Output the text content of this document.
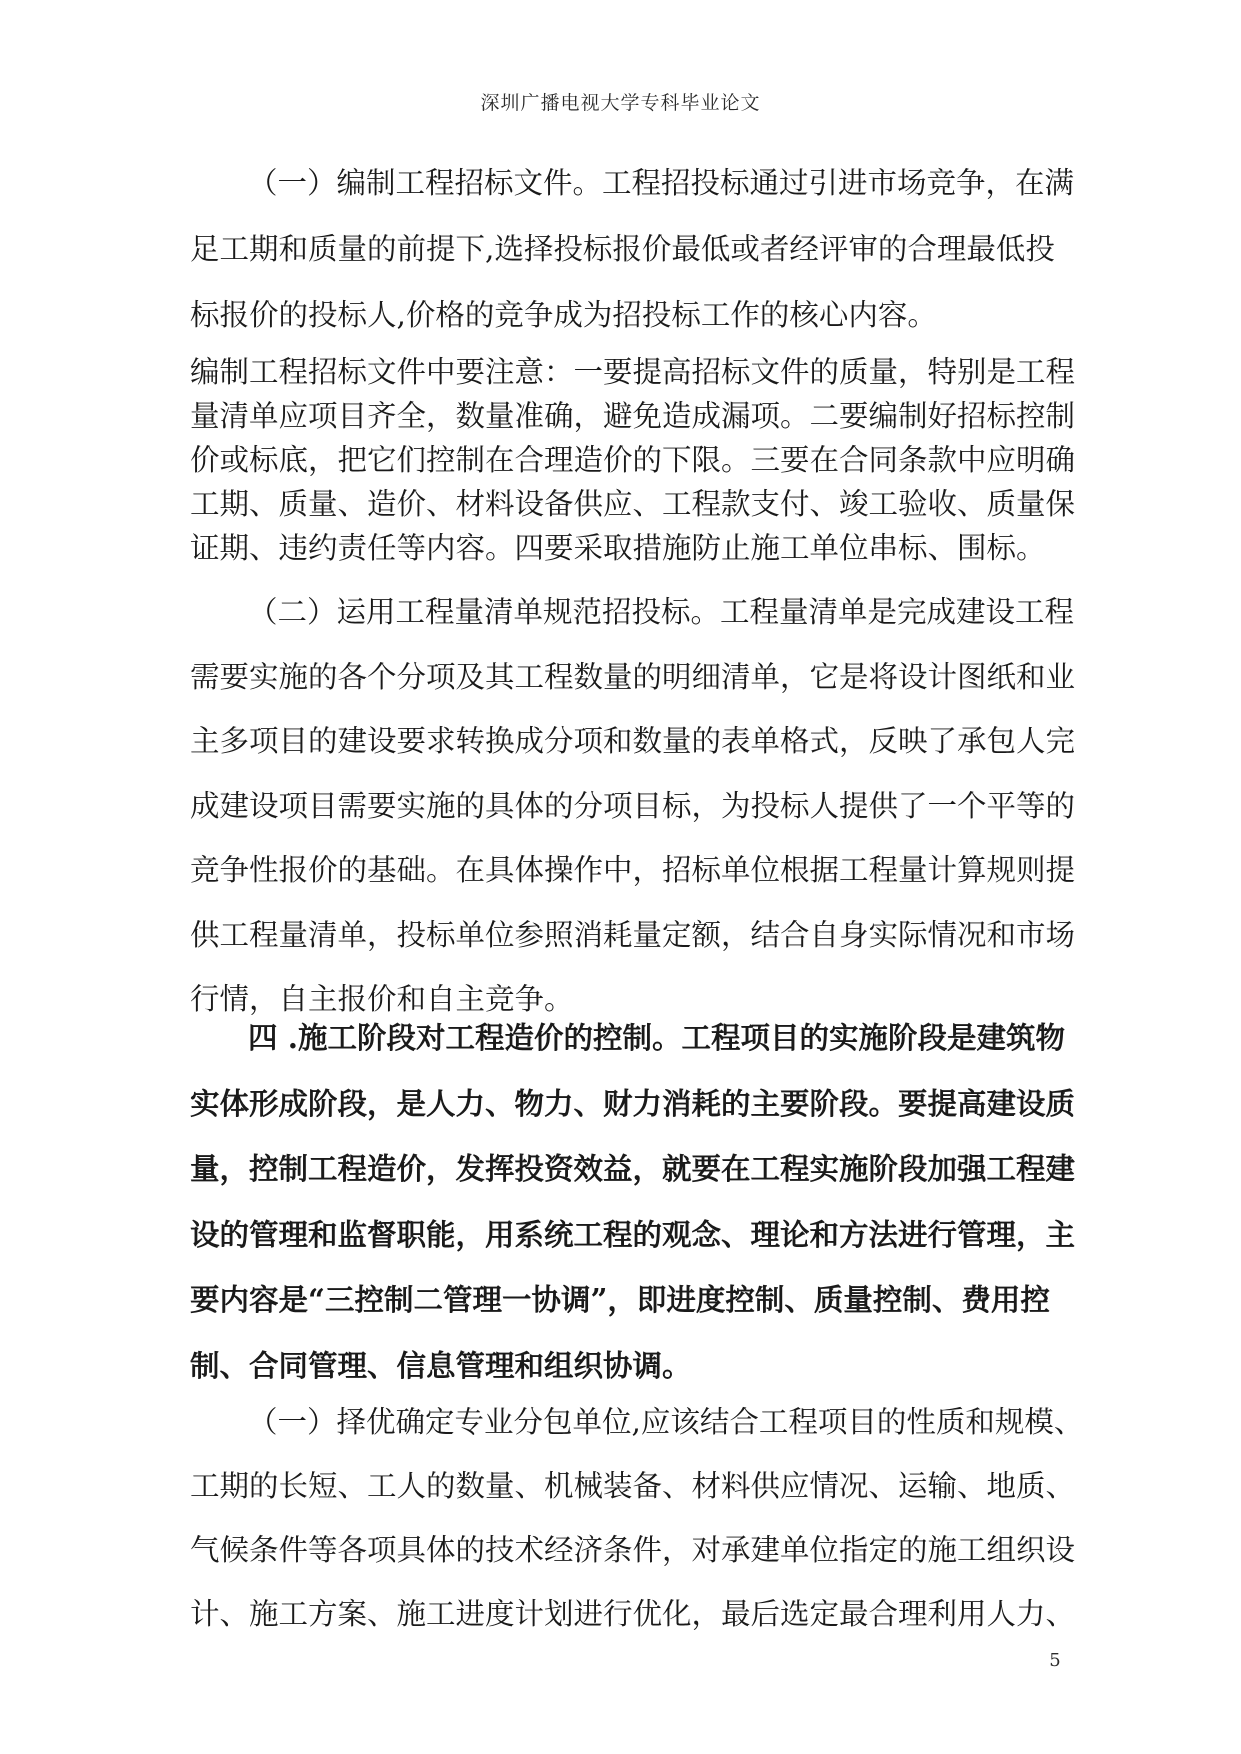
深圳广播电视大学专科毕业论文
（一）编制工程招标文件。工程招投标通过引进市场竞争，在满
足工期和质量的前提下,选择投标报价最低或者经评审的合理最低投
标报价的投标人,价格的竞争成为招投标工作的核心内容。
编制工程招标文件中要注意：一要提高招标文件的质量，特别是工程
量清单应项目齐全，数量准确，避免造成漏项。二要编制好招标控制
价或标底，把它们控制在合理造价的下限。三要在合同条款中应明确
工期、质量、造价、材料设备供应、工程款支付、竣工验收、质量保
证期、违约责任等内容。四要采取措施防止施工单位串标、围标。
（二）运用工程量清单规范招投标。工程量清单是完成建设工程
需要实施的各个分项及其工程数量的明细清单，它是将设计图纸和业
主多项目的建设要求转换成分项和数量的表单格式，反映了承包人完
成建设项目需要实施的具体的分项目标，为投标人提供了一个平等的
竞争性报价的基础。在具体操作中，招标单位根据工程量计算规则提
供工程量清单，投标单位参照消耗量定额，结合自身实际情况和市场
行情，自主报价和自主竞争。
四 .施工阶段对工程造价的控制。工程项目的实施阶段是建筑物
实体形成阶段，是人力、物力、财力消耗的主要阶段。要提高建设质
量，控制工程造价，发挥投资效益，就要在工程实施阶段加强工程建
设的管理和监督职能，用系统工程的观念、理论和方法进行管理，主
要内容是“三控制二管理一协调”，即进度控制、质量控制、费用控
制、合同管理、信息管理和组织协调。
（一）择优确定专业分包单位,应该结合工程项目的性质和规模、
工期的长短、工人的数量、机械装备、材料供应情况、运输、地质、
气候条件等各项具体的技术经济条件，对承建单位指定的施工组织设
计、施工方案、施工进度计划进行优化，最后选定最合理利用人力、
5
